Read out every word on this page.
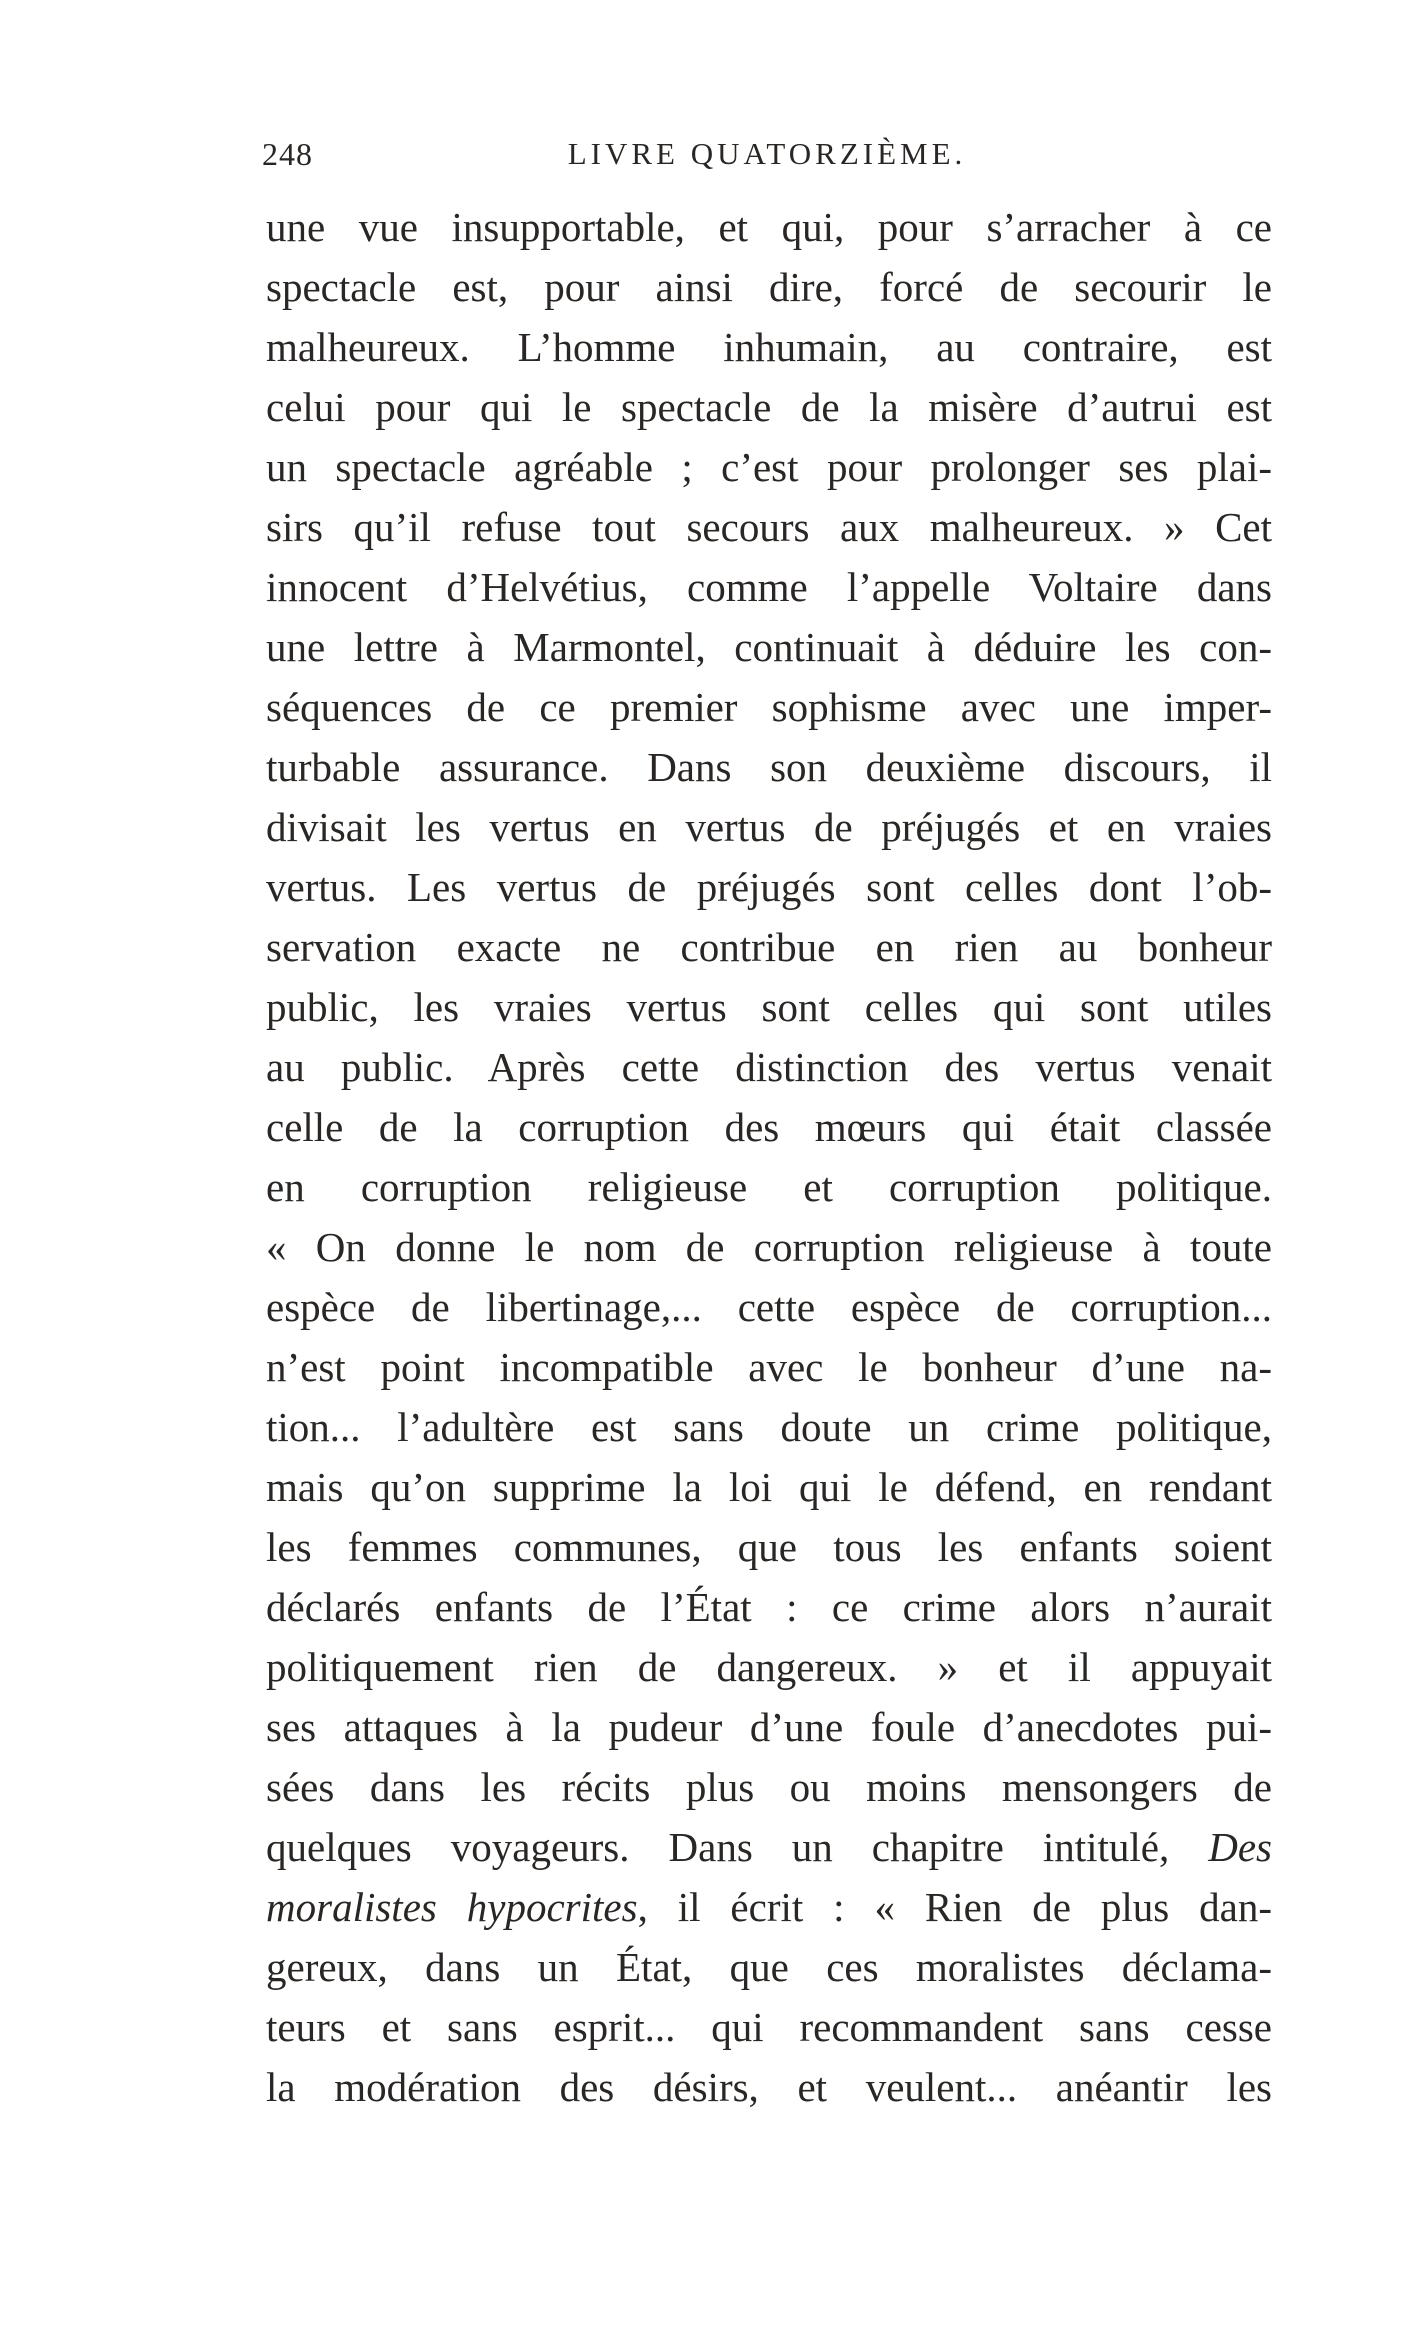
248	LIVRE QUATORZIÈME.
une vue insupportable, et qui, pour s’arracher à ce
spectacle est, pour ainsi dire, forcé de secourir le
malheureux. L’homme inhumain, au contraire, est
celui pour qui le spectacle de la misère d’autrui est
un spectacle agréable ; c’est pour prolonger ses plai-
sirs qu’il refuse tout secours aux malheureux. » Cet
innocent d’Helvétius, comme l’appelle Voltaire dans
une lettre à Marmontel, continuait à déduire les con-
séquences de ce premier sophisme avec une imper-
turbable assurance. Dans son deuxième discours, il
divisait les vertus en vertus de préjugés et en vraies
vertus. Les vertus de préjugés sont celles dont l’ob-
servation exacte ne contribue en rien au bonheur
public, les vraies vertus sont celles qui sont utiles
au public. Après cette distinction des vertus venait
celle de la corruption des mœurs qui était classée
en corruption religieuse et corruption politique.
« On donne le nom de corruption religieuse à toute
espèce de libertinage,... cette espèce de corruption...
n’est point incompatible avec le bonheur d’une na-
tion... l’adultère est sans doute un crime politique,
mais qu’on supprime la loi qui le défend, en rendant
les femmes communes, que tous les enfants soient
déclarés enfants de l’État : ce crime alors n’aurait
politiquement rien de dangereux. » et il appuyait
ses attaques à la pudeur d’une foule d’anecdotes pui-
sées dans les récits plus ou moins mensongers de
quelques voyageurs. Dans un chapitre intitulé, Des
moralistes hypocrites, il écrit : « Rien de plus dan-
gereux, dans un État, que ces moralistes déclama-
teurs et sans esprit... qui recommandent sans cesse
la modération des désirs, et veulent... anéantir les
